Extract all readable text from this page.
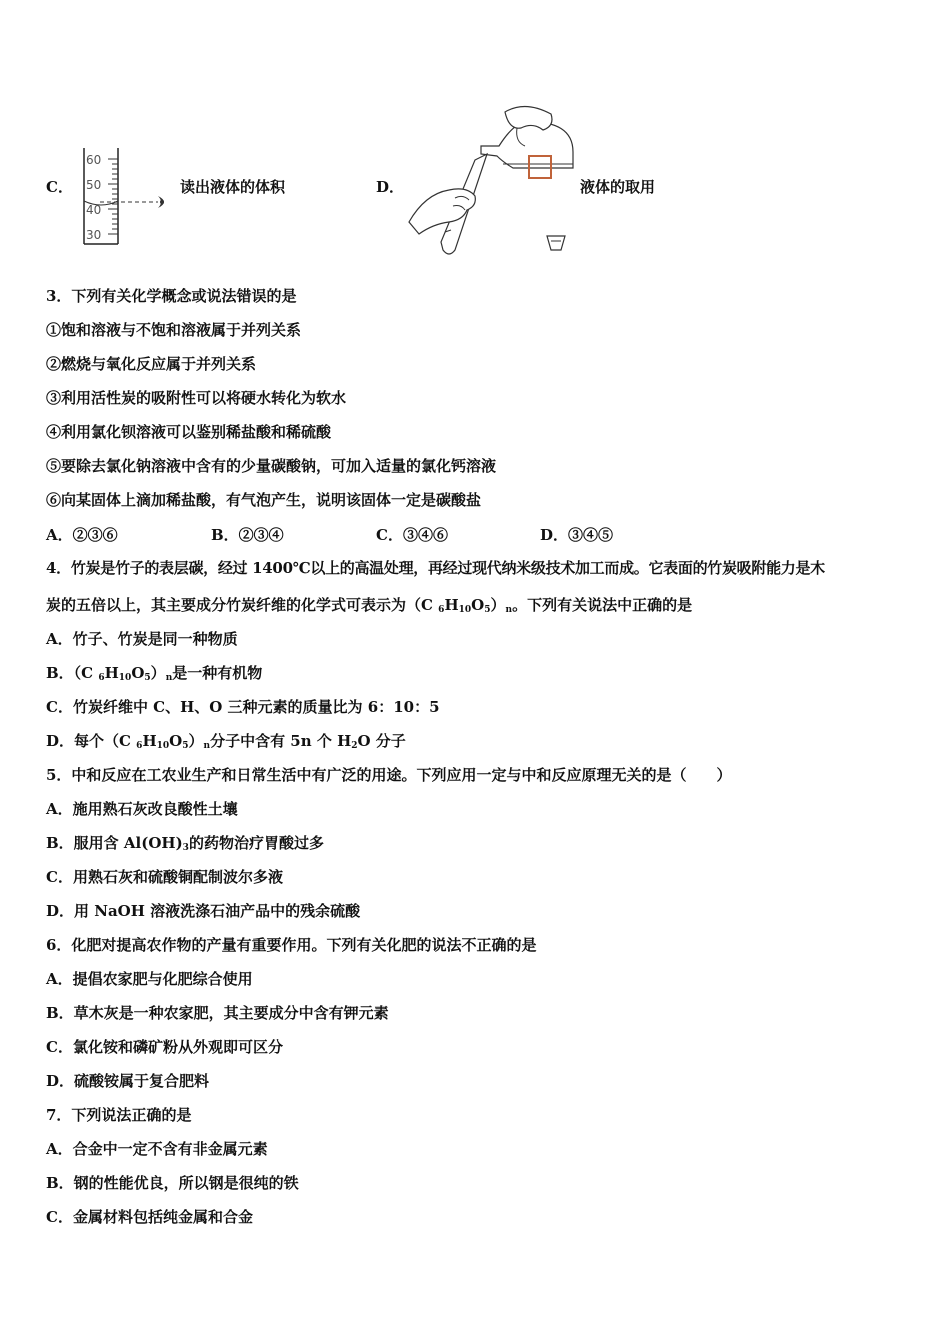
C．
60
50
40
30
读出液体的体积	D．	液体的取用
3．下列有关化学概念或说法错误的是
①饱和溶液与不饱和溶液属于并列关系
②燃烧与氧化反应属于并列关系
③利用活性炭的吸附性可以将硬水转化为软水
④利用氯化钡溶液可以鉴别稀盐酸和稀硫酸
⑤要除去氯化钠溶液中含有的少量碳酸钠，可加入适量的氯化钙溶液
⑥向某固体上滴加稀盐酸，有气泡产生，说明该固体一定是碳酸盐
A．②③⑥	B．②③④	C．③④⑥	D．③④⑤
4．竹炭是竹子的表层碳，经过 1400℃以上的高温处理，再经过现代纳米级技术加工而成。它表面的竹炭吸附能力是木
炭的五倍以上，其主要成分竹炭纤维的化学式可表示为（C $_6H_{10}O_5)_n$。下列有关说法中正确的是
A．竹子、竹炭是同一种物质
B．（C $_6H_{10}O_5)_n$是一种有机物
C．竹炭纤维中 C、H、O 三种元素的质量比为 6：10：5
D．每个（C $_6H_{10}O_5)_n$分子中含有 5n 个 $H_2O$ 分子
5．中和反应在工农业生产和日常生活中有广泛的用途。下列应用一定与中和反应原理无关的是（　　）
A．施用熟石灰改良酸性土壤
B．服用含 $Al(OH)_3$的药物治疗胃酸过多
C．用熟石灰和硫酸铜配制波尔多液
D．用 NaOH 溶液洗涤石油产品中的残余硫酸
6．化肥对提高农作物的产量有重要作用。下列有关化肥的说法不正确的是
A．提倡农家肥与化肥综合使用
B．草木灰是一种农家肥，其主要成分中含有钾元素
C．氯化铵和磷矿粉从外观即可区分
D．硫酸铵属于复合肥料
7．下列说法正确的是
A．合金中一定不含有非金属元素
B．钢的性能优良，所以钢是很纯的铁
C．金属材料包括纯金属和合金
